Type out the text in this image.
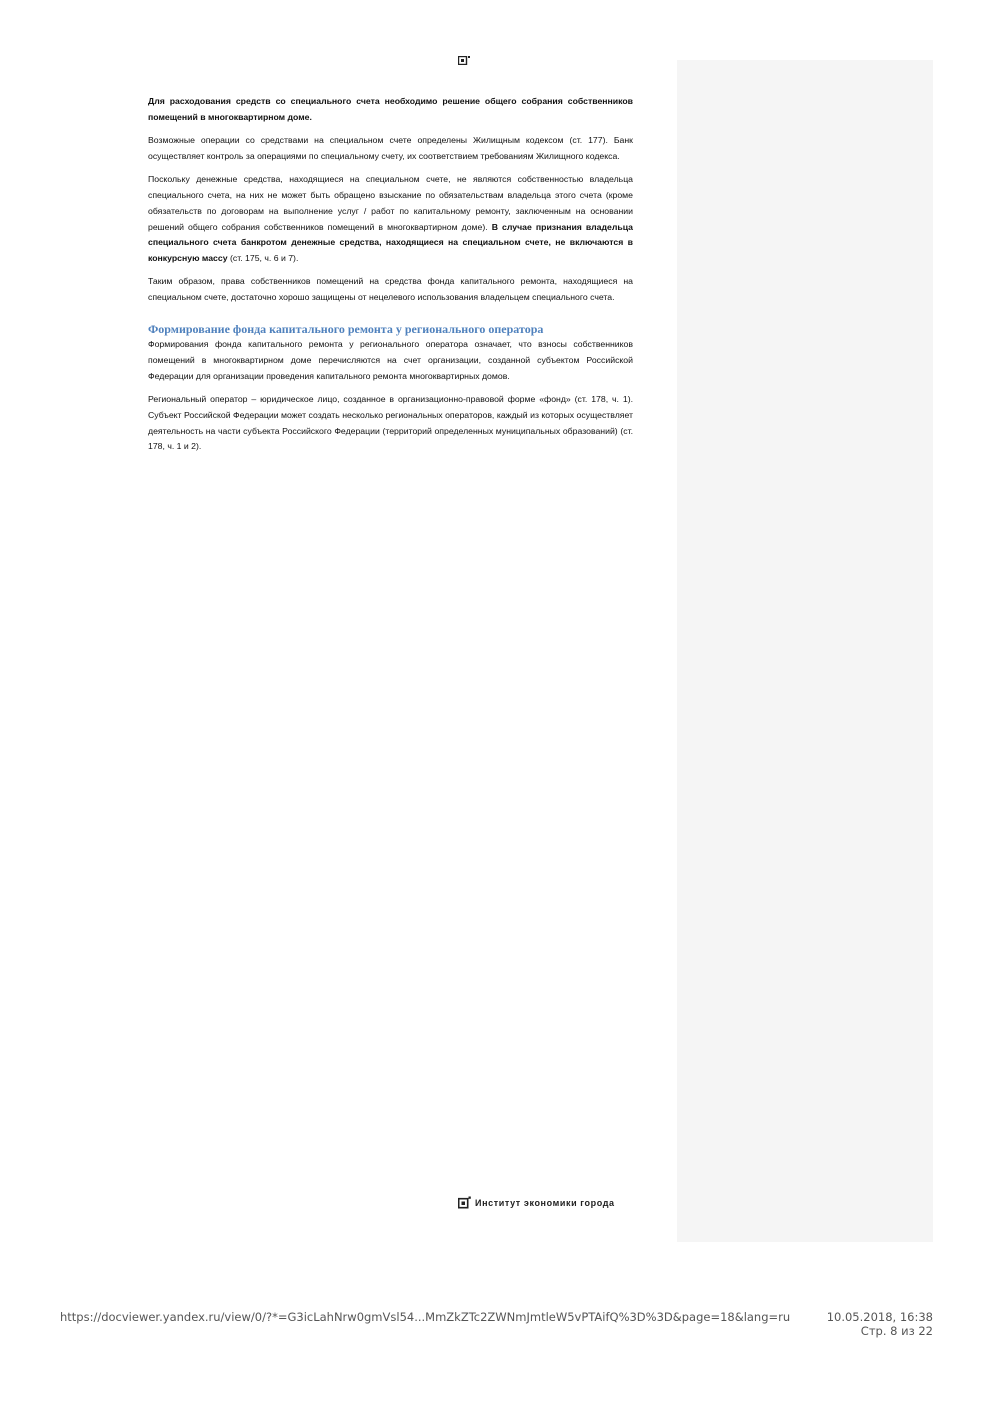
Для расходования средств со специального счета необходимо решение общего собрания собственников помещений в многоквартирном доме.

Возможные операции со средствами на специальном счете определены Жилищным кодексом (ст. 177). Банк осуществляет контроль за операциями по специальному счету, их соответствием требованиям Жилищного кодекса.

Поскольку денежные средства, находящиеся на специальном счете, не являются собственностью владельца специального счета, на них не может быть обращено взыскание по обязательствам владельца этого счета (кроме обязательств по договорам на выполнение услуг / работ по капитальному ремонту, заключенным на основании решений общего собрания собственников помещений в многоквартирном доме). В случае признания владельца специального счета банкротом денежные средства, находящиеся на специальном счете, не включаются в конкурсную массу (ст. 175, ч. 6 и 7).

Таким образом, права собственников помещений на средства фонда капитального ремонта, находящиеся на специальном счете, достаточно хорошо защищены от нецелевого использования владельцем специального счета.

Формирование фонда капитального ремонта у регионального оператора

Формирования фонда капитального ремонта у регионального оператора означает, что взносы собственников помещений в многоквартирном доме перечисляются на счет организации, созданной субъектом Российской Федерации для организации проведения капитального ремонта многоквартирных домов.

Региональный оператор – юридическое лицо, созданное в организационно-правовой форме «фонд» (ст. 178, ч. 1). Субъект Российской Федерации может создать несколько региональных операторов, каждый из которых осуществляет деятельность на части субъекта Российского Федерации (территорий определенных муниципальных образований) (ст. 178, ч. 1 и 2).

Институт экономики города
https://docviewer.yandex.ru/view/0/?*=G3icLahNrw0gmVsl54...MmZkZTc2ZWNmJmtleW5vPTAifQ%3D%3D&page=18&lang=ru	10.05.2018, 16:38
Стр. 8 из 22
